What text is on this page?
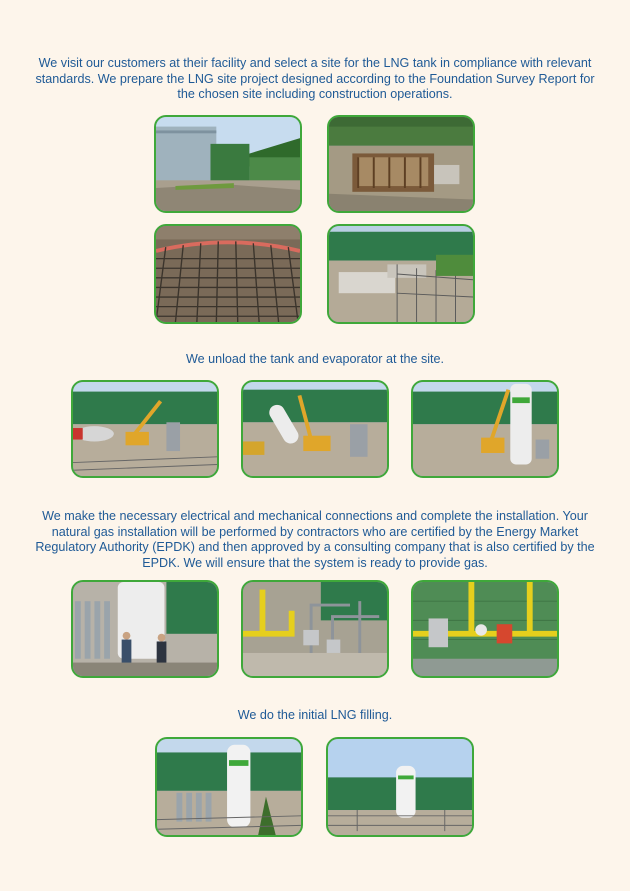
We visit our customers at their facility and select a site for the LNG tank in compliance with relevant standards. We prepare the LNG site project designed according to the Foundation Survey Report for the chosen site including construction operations.
We unload the tank and evaporator at the site.
We make the necessary electrical and mechanical connections and complete the installation. Your natural gas installation will be performed by contractors who are certified by the Energy Market Regulatory Authority (EPDK) and then approved by a consulting company that is also certified by the EPDK. We will ensure that the system is ready to provide gas.
We do the initial LNG filling.
